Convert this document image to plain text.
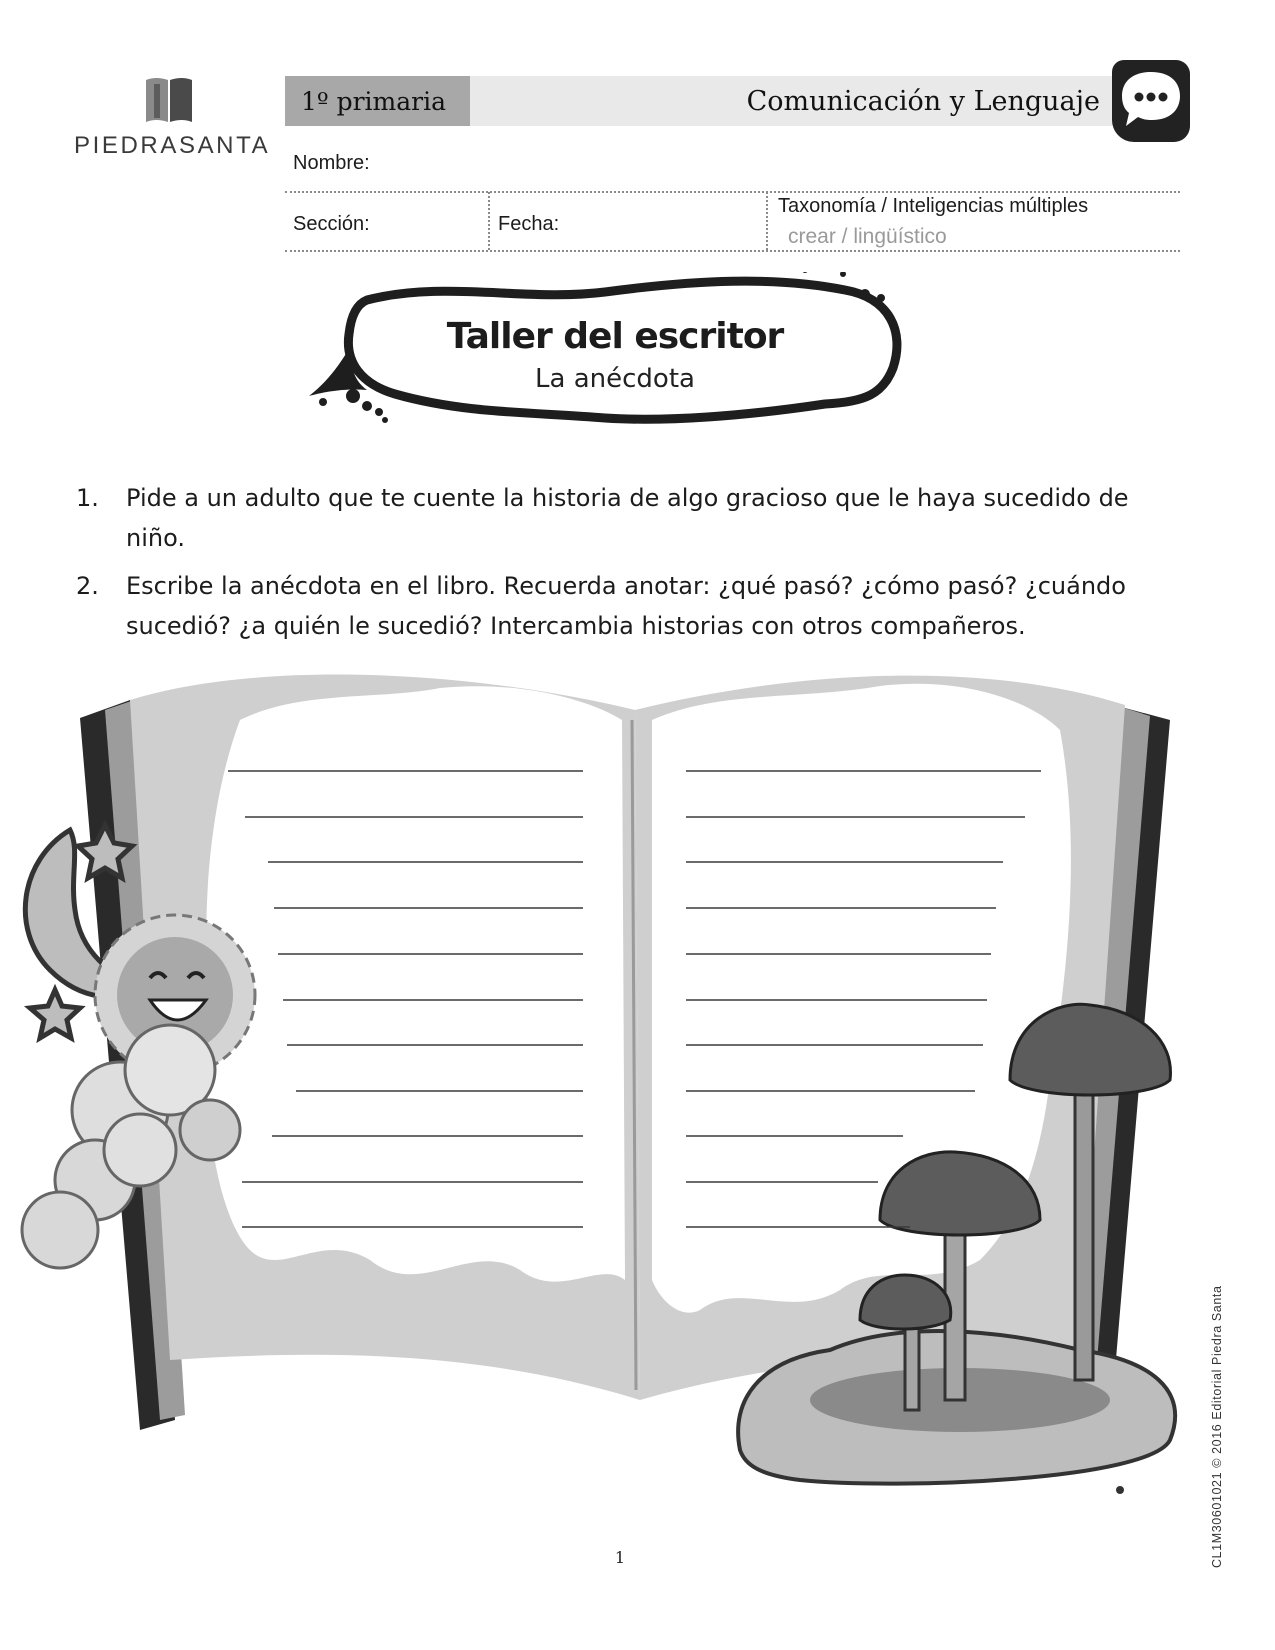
PIEDRASANTA
1º primaria	Comunicación y Lenguaje
Nombre:
Sección:	Fecha:
Taxonomía / Inteligencias múltiples
crear / lingüístico
Taller del escritor
La anécdota
1.	Pide a un adulto que te cuente la historia de algo gracioso que le haya sucedido de
niño.
2.	Escribe la anécdota en el libro. Recuerda anotar: ¿qué pasó? ¿cómo pasó? ¿cuándo
sucedió? ¿a quién le sucedió? Intercambia historias con otros compañeros.
1	CL1M30601021 © 2016 Editorial Piedra Santa
